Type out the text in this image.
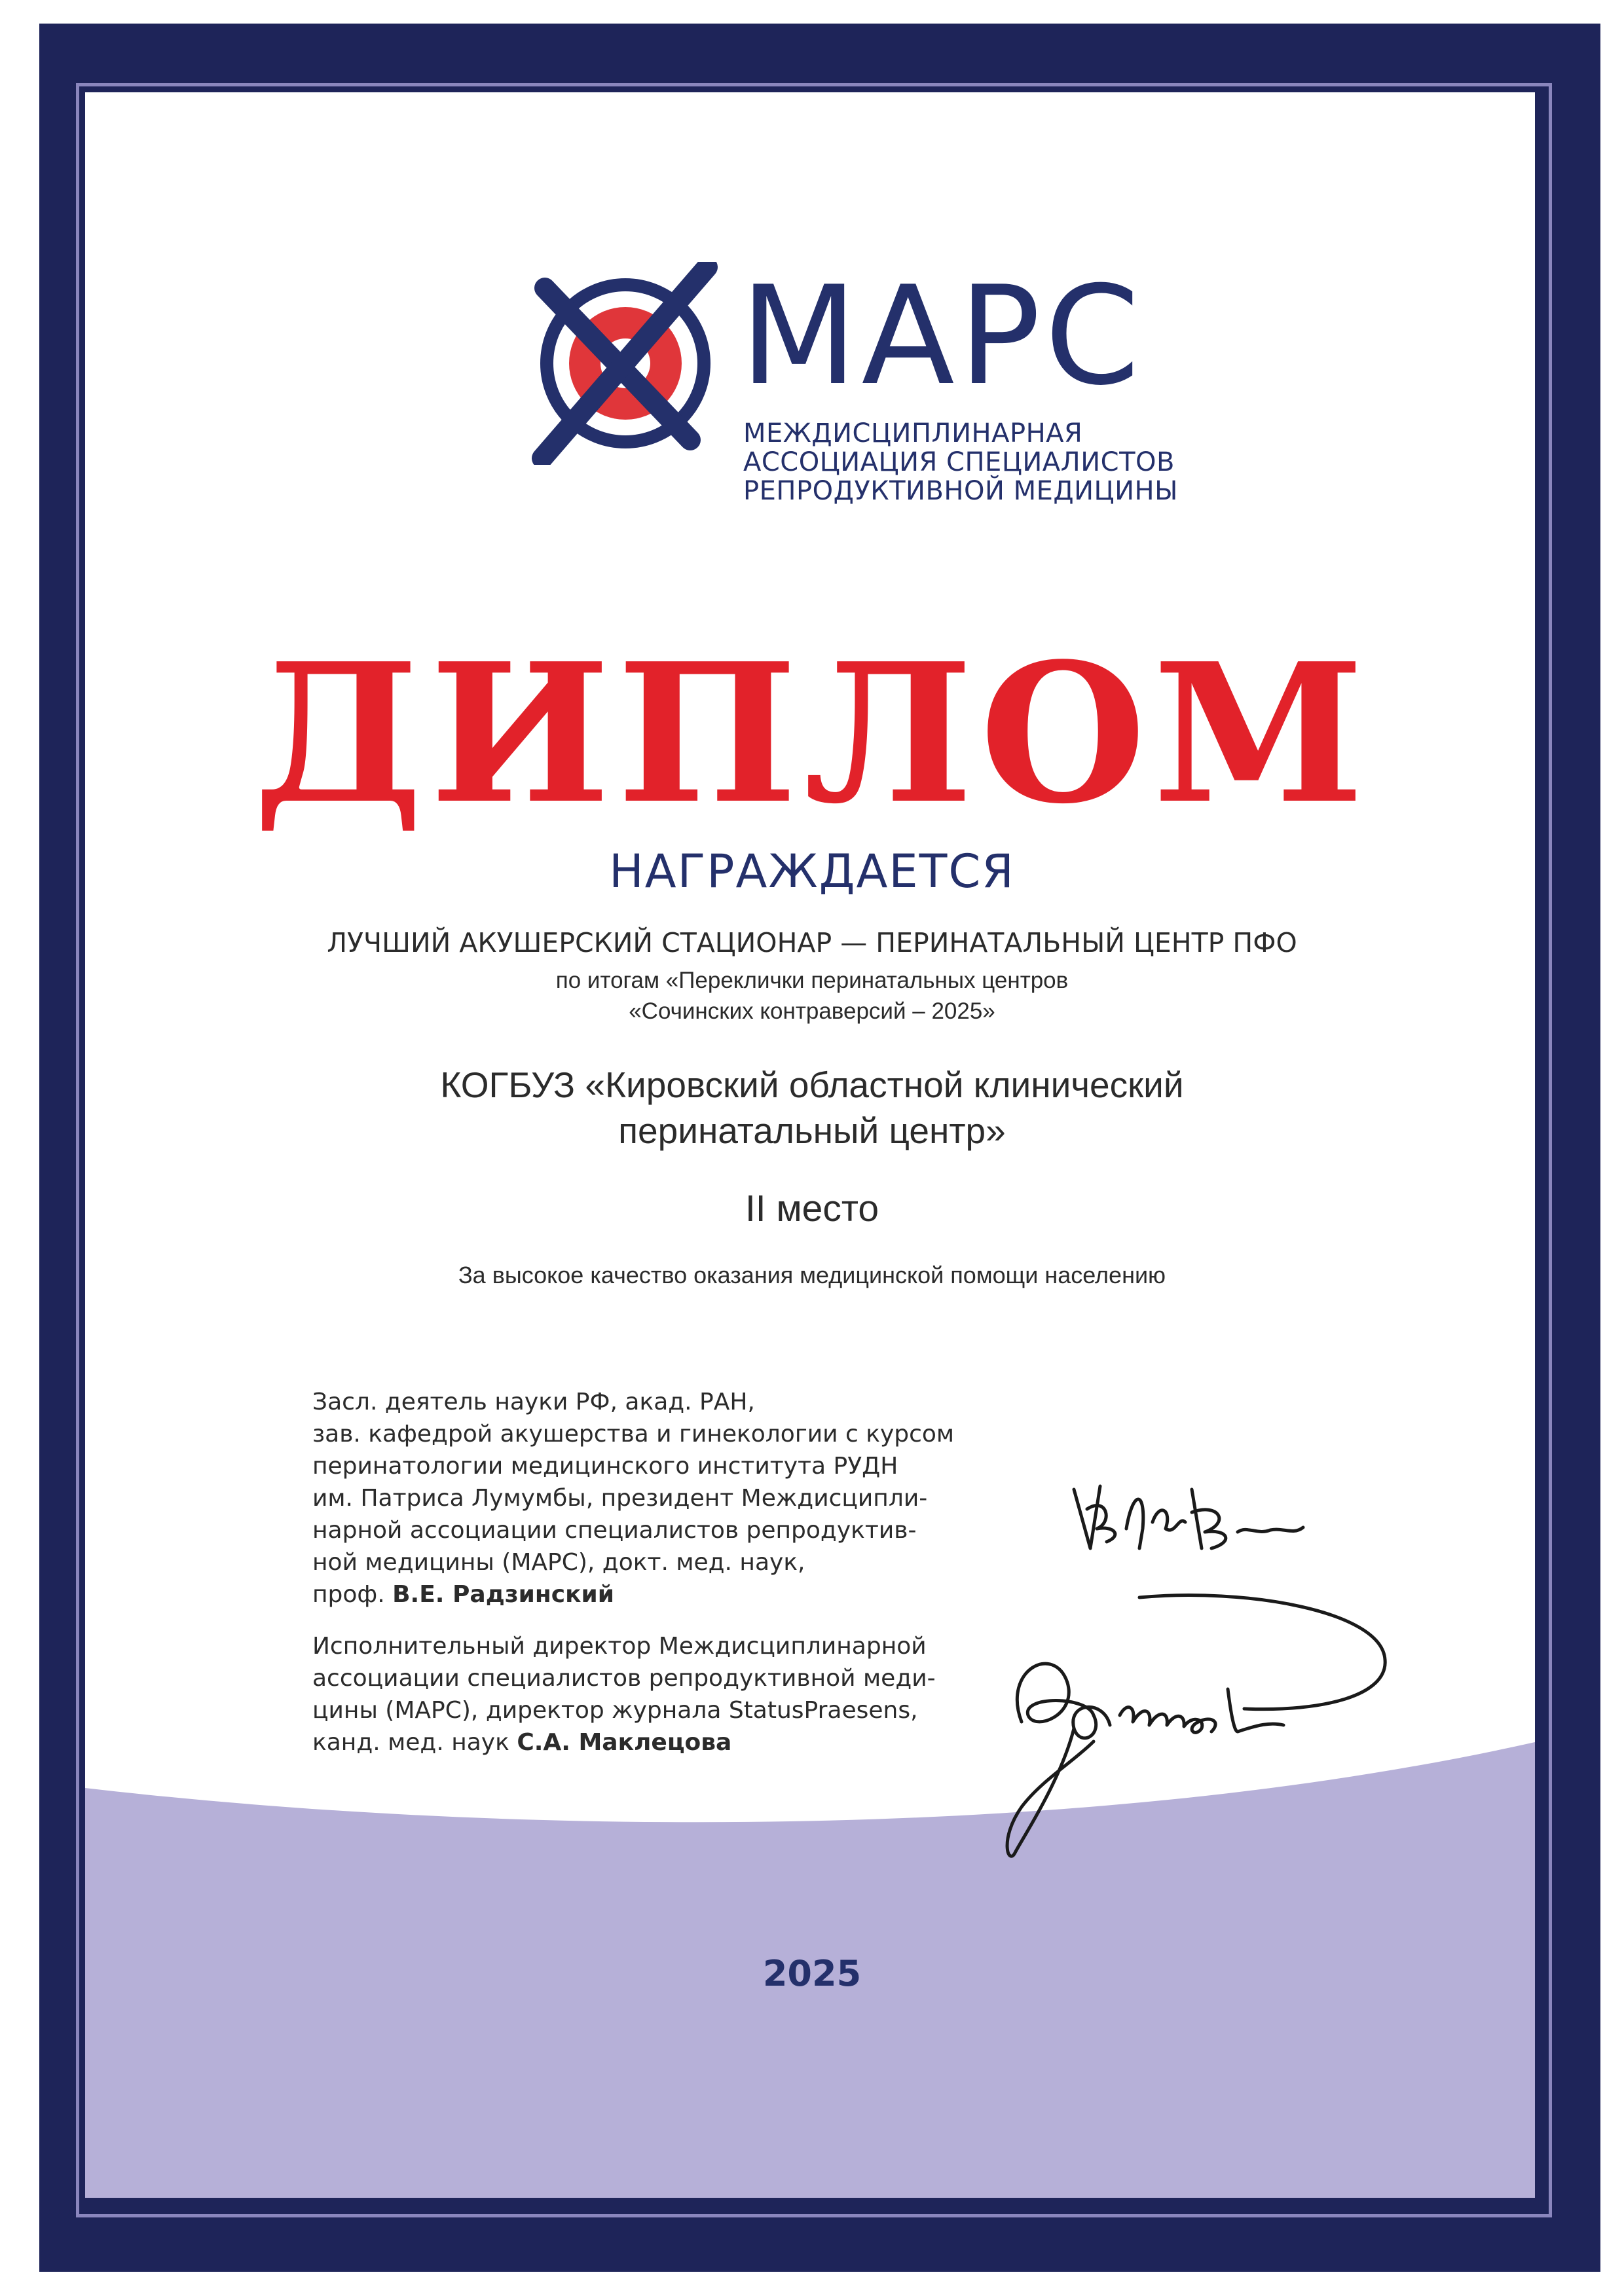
МАРС
МЕЖДИСЦИПЛИНАРНАЯ
АССОЦИАЦИЯ СПЕЦИАЛИСТОВ
РЕПРОДУКТИВНОЙ МЕДИЦИНЫ
ДИПЛОМ
НАГРАЖДАЕТСЯ
ЛУЧШИЙ АКУШЕРСКИЙ СТАЦИОНАР — ПЕРИНАТАЛЬНЫЙ ЦЕНТР ПФО
по итогам «Переклички перинатальных центров
«Сочинских контраверсий – 2025»
КОГБУЗ «Кировский областной клинический
перинатальный центр»
II место
За высокое качество оказания медицинской помощи населению
Засл. деятель науки РФ, акад. РАН,
зав. кафедрой акушерства и гинекологии с курсом
перинатологии медицинского института РУДН
им. Патриса Лумумбы, президент Междисципли-
нарной ассоциации специалистов репродуктив-
ной медицины (МАРС), докт. мед. наук,
проф. В.Е. Радзинский
Исполнительный директор Междисциплинарной
ассоциации специалистов репродуктивной меди-
цины (МАРС), директор журнала StatusPraesens,
канд. мед. наук С.А. Маклецова
2025
